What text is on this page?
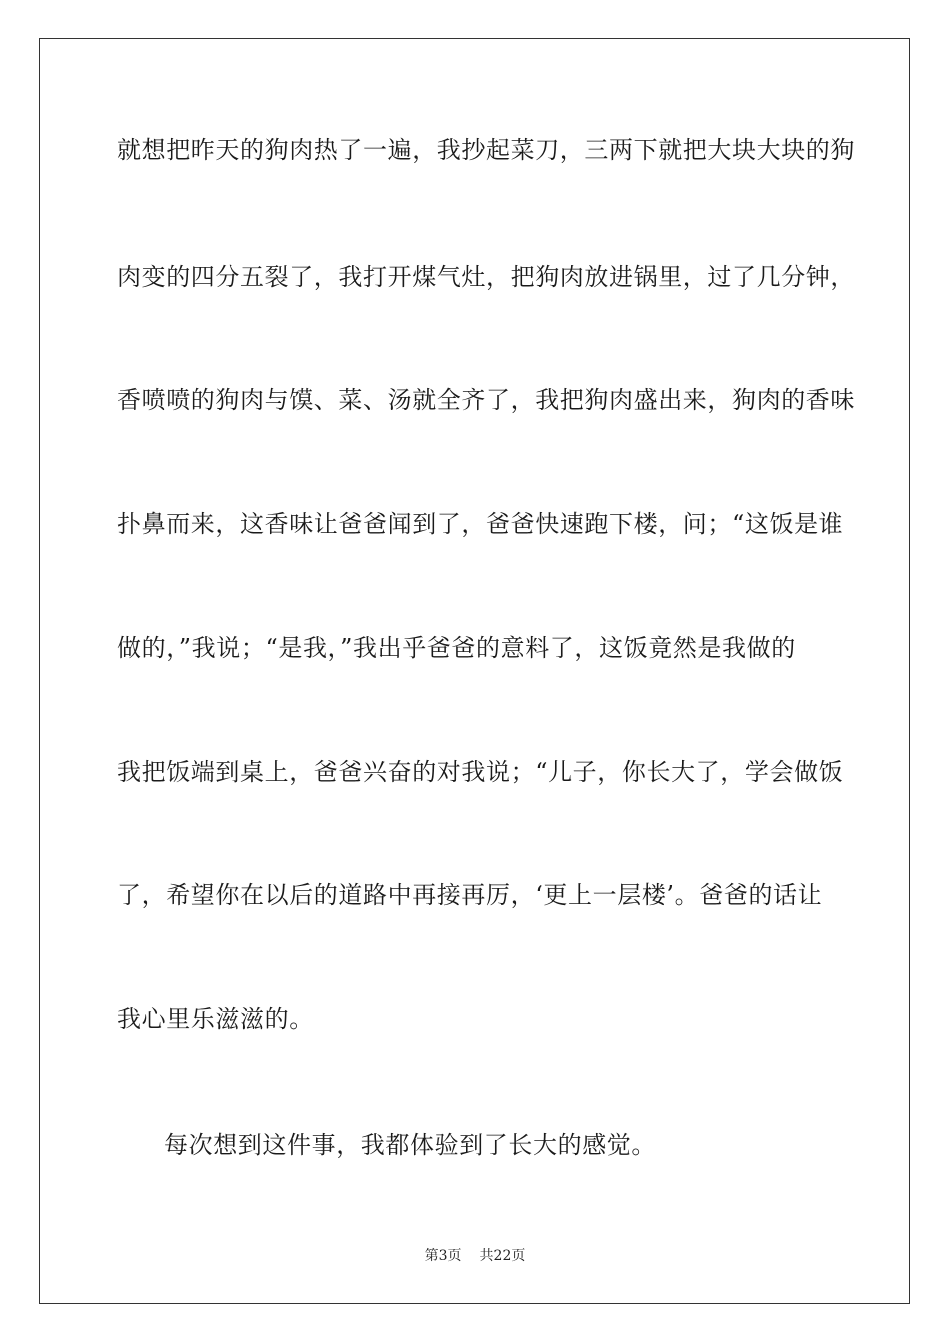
就想把昨天的狗肉热了一遍，我抄起菜刀，三两下就把大块大块的狗
肉变的四分五裂了，我打开煤气灶，把狗肉放进锅里，过了几分钟，
香喷喷的狗肉与馍、菜、汤就全齐了，我把狗肉盛出来，狗肉的香味
扑鼻而来，这香味让爸爸闻到了，爸爸快速跑下楼，问；“这饭是谁
做的，”我说；“是我，”我出乎爸爸的意料了，这饭竟然是我做的
我把饭端到桌上，爸爸兴奋的对我说；“儿子，你长大了，学会做饭
了，希望你在以后的道路中再接再厉，‘更上一层楼’。爸爸的话让
我心里乐滋滋的。
每次想到这件事，我都体验到了长大的感觉。
第3页 共22页
